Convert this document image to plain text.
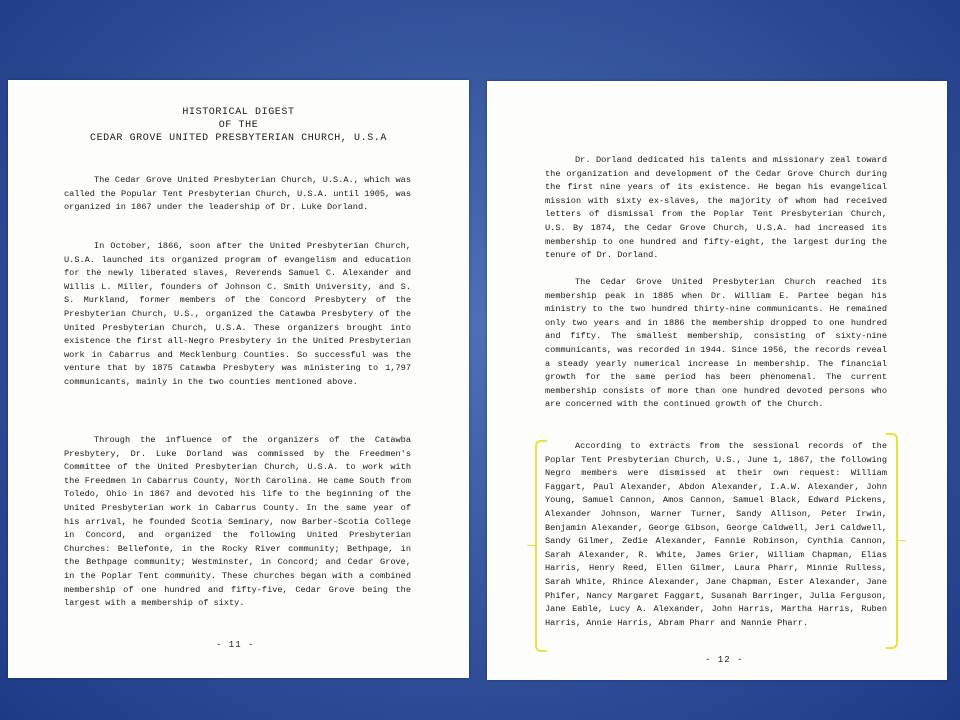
HISTORICAL DIGEST
OF THE
CEDAR GROVE UNITED PRESBYTERIAN CHURCH, U.S.A

The Cedar Grove United Presbyterian Church, U.S.A., which was called the Popular Tent Presbyterian Church, U.S.A. until 1905, was organized in 1867 under the leadership of Dr. Luke Dorland.

In October, 1866, soon after the United Presbyterian Church, U.S.A. launched its organized program of evangelism and education for the newly liberated slaves, Reverends Samuel C. Alexander and Willis L. Miller, founders of Johnson C. Smith University, and S. S. Murkland, former members of the Concord Presbytery of the Presbyterian Church, U.S., organized the Catawba Presbytery of the United Presbyterian Church, U.S.A. These organizers brought into existence the first all-Negro Presbytery in the United Presbyterian work in Cabarrus and Mecklenburg Counties. So successful was the venture that by 1875 Catawba Presbytery was ministering to 1,797 communicants, mainly in the two counties mentioned above.

Through the influence of the organizers of the Catawba Presbytery, Dr. Luke Dorland was commissed by the Freedmen's Committee of the United Presbyterian Church, U.S.A. to work with the Freedmen in Cabarrus County, North Carolina. He came South from Toledo, Ohio in 1867 and devoted his life to the beginning of the United Presbyterian work in Cabarrus County. In the same year of his arrival, he founded Scotia Seminary, now Barber-Scotia College in Concord, and organized the following United Presbyterian Churches: Bellefonte, in the Rocky River community; Bethpage, in the Bethpage community; Westminster, in Concord; and Cedar Grove, in the Poplar Tent community. These churches began with a combined membership of one hundred and fifty-five, Cedar Grove being the largest with a membership of sixty.

- 11 -

Dr. Dorland dedicated his talents and missionary zeal toward the organization and development of the Cedar Grove Church during the first nine years of its existence. He began his evangelical mission with sixty ex-slaves, the majority of whom had received letters of dismissal from the Poplar Tent Presbyterian Church, U.S. By 1874, the Cedar Grove Church, U.S.A. had increased its membership to one hundred and fifty-eight, the largest during the tenure of Dr. Dorland.

The Cedar Grove United Presbyterian Church reached its membership peak in 1885 when Dr. William E. Partee began his ministry to the two hundred thirty-nine communicants. He remained only two years and in 1886 the membership dropped to one hundred and fifty. The smallest membership, consisting of sixty-nine communicants, was recorded in 1944. Since 1956, the records reveal a steady yearly numerical increase in membership. The financial growth for the same period has been phenomenal. The current membership consists of more than one hundred devoted persons who are concerned with the continued growth of the Church.

According to extracts from the sessional records of the Poplar Tent Presbyterian Church, U.S., June 1, 1867, the following Negro members were dismissed at their own request: William Faggart, Paul Alexander, Abdon Alexander, I.A.W. Alexander, John Young, Samuel Cannon, Amos Cannon, Samuel Black, Edward Pickens, Alexander Johnson, Warner Turner, Sandy Allison, Peter Irwin, Benjamin Alexander, George Gibson, George Caldwell, Jeri Caldwell, Sandy Gilmer, Zedie Alexander, Fannie Robinson, Cynthia Cannon, Sarah Alexander, R. White, James Grier, William Chapman, Elias Harris, Henry Reed, Ellen Gilmer, Laura Pharr, Minnie Rulless, Sarah White, Rhince Alexander, Jane Chapman, Ester Alexander, Jane Phifer, Nancy Margaret Faggart, Susanah Barringer, Julia Ferguson, Jane Eable, Lucy A. Alexander, John Harris, Martha Harris, Ruben Harris, Annie Harris, Abram Pharr and Nannie Pharr.

- 12 -
